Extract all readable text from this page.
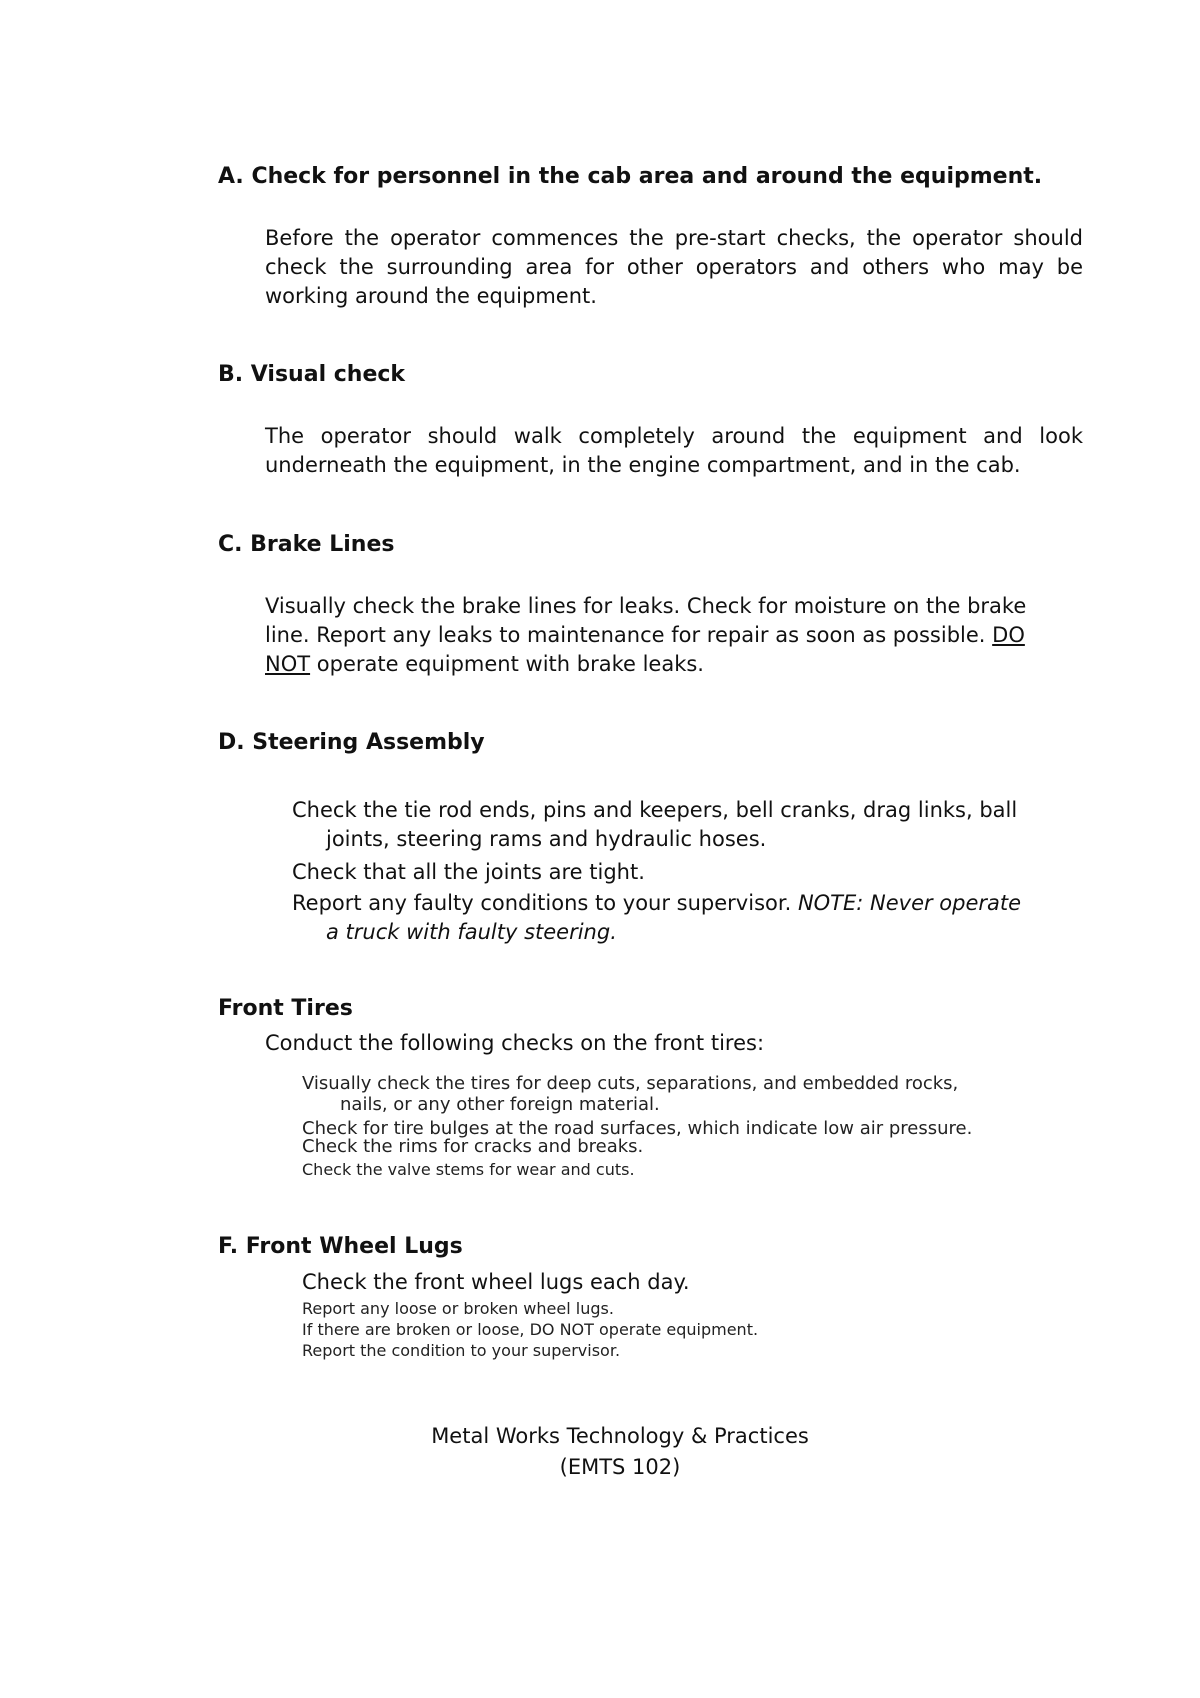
A. Check for personnel in the cab area and around the equipment.
Before the operator commences the pre-start checks, the operator should check the surrounding area for other operators and others who may be working around the equipment.
B. Visual check
The operator should walk completely around the equipment and look underneath the equipment, in the engine compartment, and in the cab.
C. Brake Lines
Visually check the brake lines for leaks. Check for moisture on the brake
line. Report any leaks to maintenance for repair as soon as possible. DO
NOT operate equipment with brake leaks.
D. Steering Assembly
Check the tie rod ends, pins and keepers, bell cranks, drag links, ball
joints, steering rams and hydraulic hoses.
Check that all the joints are tight.
Report any faulty conditions to your supervisor. NOTE: Never operate
a truck with faulty steering.
Front Tires
Conduct the following checks on the front tires:
Visually check the tires for deep cuts, separations, and embedded rocks,
nails, or any other foreign material.
Check for tire bulges at the road surfaces, which indicate low air pressure.
Check the rims for cracks and breaks.
Check the valve stems for wear and cuts.
F. Front Wheel Lugs
Check the front wheel lugs each day.
Report any loose or broken wheel lugs.
If there are broken or loose, DO NOT operate equipment.
Report the condition to your supervisor.
Metal Works Technology & Practices
(EMTS 102)
